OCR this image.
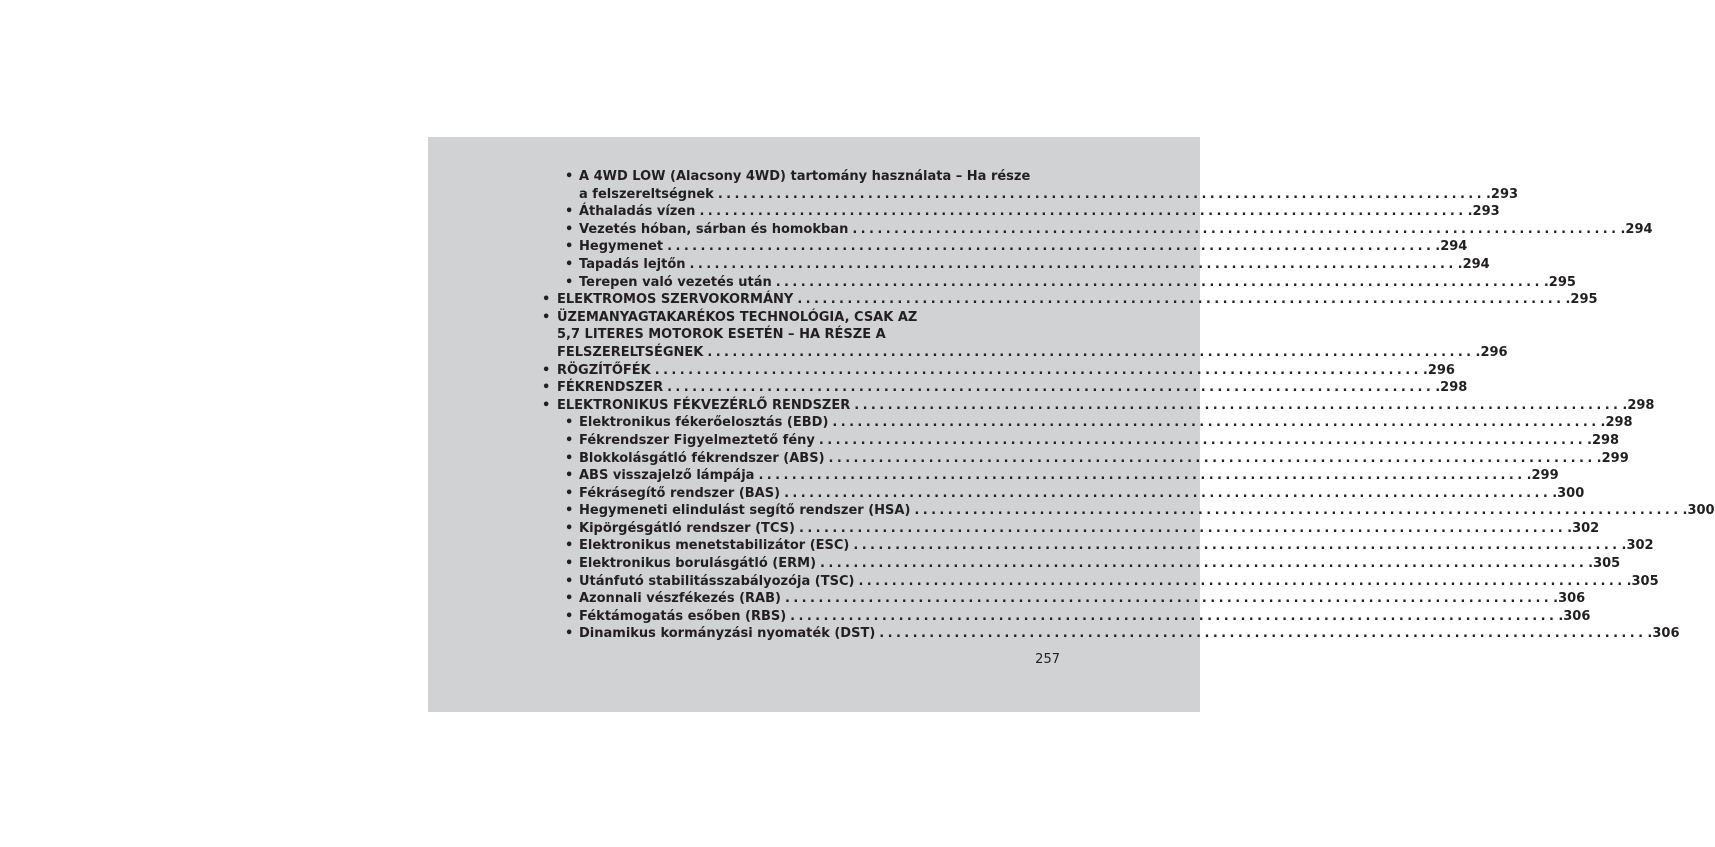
• A 4WD LOW (Alacsony 4WD) tartomány használata – Ha része
a felszereltségnek ............................................................................................ .293
• Áthaladás vízen ............................................................................................ .293
• Vezetés hóban, sárban és homokban ............................................................................................ .294
• Hegymenet ............................................................................................ .294
• Tapadás lejtőn ............................................................................................ .294
• Terepen való vezetés után ............................................................................................ .295
• ELEKTROMOS SZERVOKORMÁNY ............................................................................................ .295
• ÜZEMANYAGTAKARÉKOS TECHNOLÓGIA, CSAK AZ
5,7 LITERES MOTOROK ESETÉN – HA RÉSZE A
FELSZERELTSÉGNEK ............................................................................................ .296
• RÖGZÍTŐFÉK ............................................................................................ .296
• FÉKRENDSZER ............................................................................................ .298
• ELEKTRONIKUS FÉKVEZÉRLŐ RENDSZER ............................................................................................ .298
• Elektronikus fékerőelosztás (EBD) ............................................................................................ .298
• Fékrendszer Figyelmeztető fény ............................................................................................ .298
• Blokkolásgátló fékrendszer (ABS) ............................................................................................ .299
• ABS visszajelző lámpája ............................................................................................ .299
• Fékrásegítő rendszer (BAS) ............................................................................................ .300
• Hegymeneti elindulást segítő rendszer (HSA) ............................................................................................ .300
• Kipörgésgátló rendszer (TCS) ............................................................................................ .302
• Elektronikus menetstabilizátor (ESC) ............................................................................................ .302
• Elektronikus borulásgátló (ERM) ............................................................................................ .305
• Utánfutó stabilitásszabályozója (TSC) ............................................................................................ .305
• Azonnali vészfékezés (RAB) ............................................................................................ .306
• Féktámogatás esőben (RBS) ............................................................................................ .306
• Dinamikus kormányzási nyomaték (DST) ............................................................................................ .306
257
